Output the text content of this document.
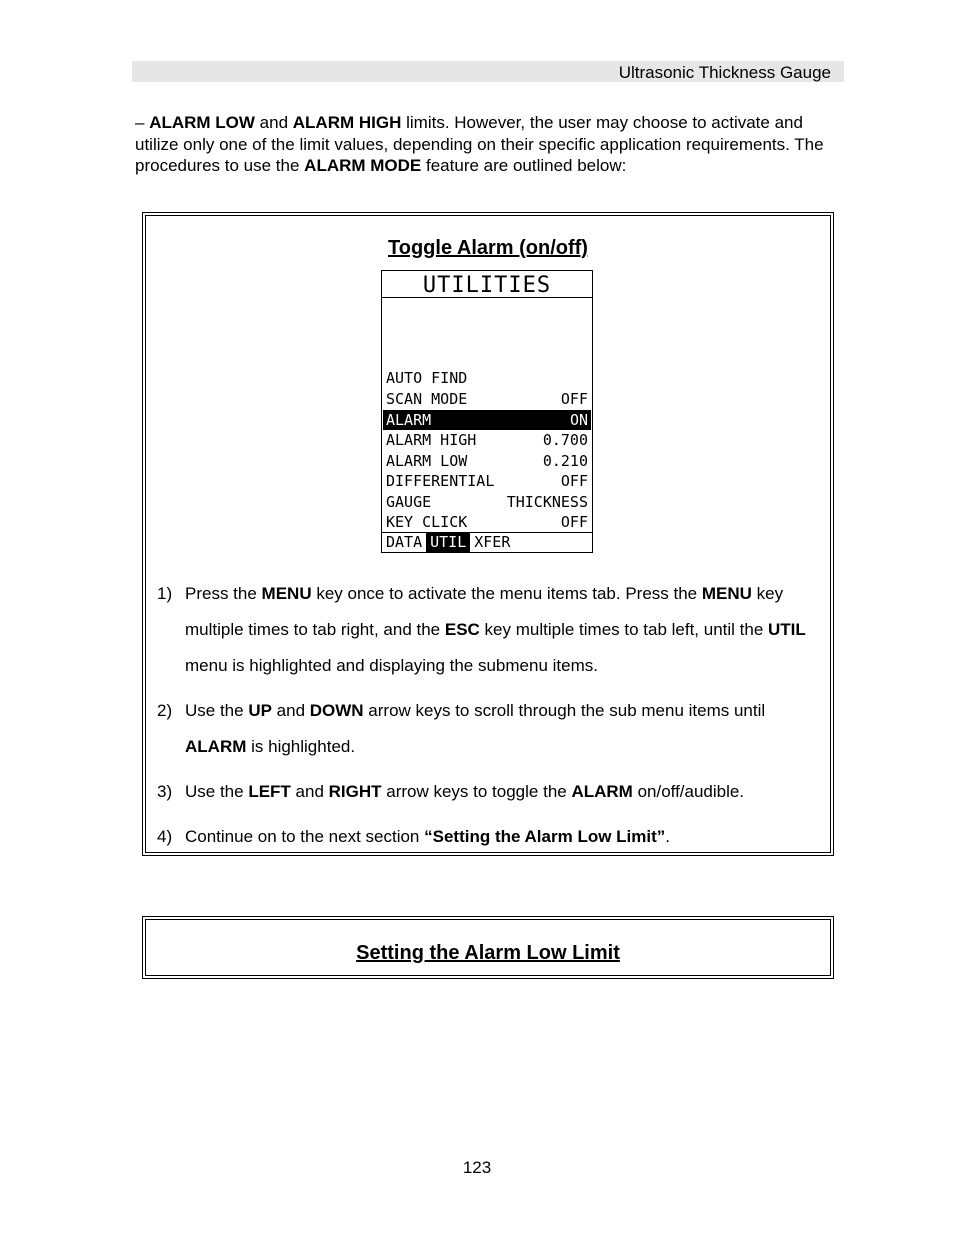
Ultrasonic Thickness Gauge
– ALARM LOW and ALARM HIGH limits. However, the user may choose to activate and utilize only one of the limit values, depending on their specific application requirements. The procedures to use the ALARM MODE feature are outlined below:
Toggle Alarm (on/off)
UTILITIES
AUTO FIND
SCAN MODE	OFF
ALARM	ON
ALARM HIGH	0.700
ALARM LOW	0.210
DIFFERENTIAL	OFF
GAUGE	THICKNESS
KEY CLICK	OFF
DATA UTIL XFER
1) Press the MENU key once to activate the menu items tab. Press the MENU key multiple times to tab right, and the ESC key multiple times to tab left, until the UTIL menu is highlighted and displaying the submenu items.
2) Use the UP and DOWN arrow keys to scroll through the sub menu items until ALARM is highlighted.
3) Use the LEFT and RIGHT arrow keys to toggle the ALARM on/off/audible.
4) Continue on to the next section “Setting the Alarm Low Limit”.
Setting the Alarm Low Limit
123
